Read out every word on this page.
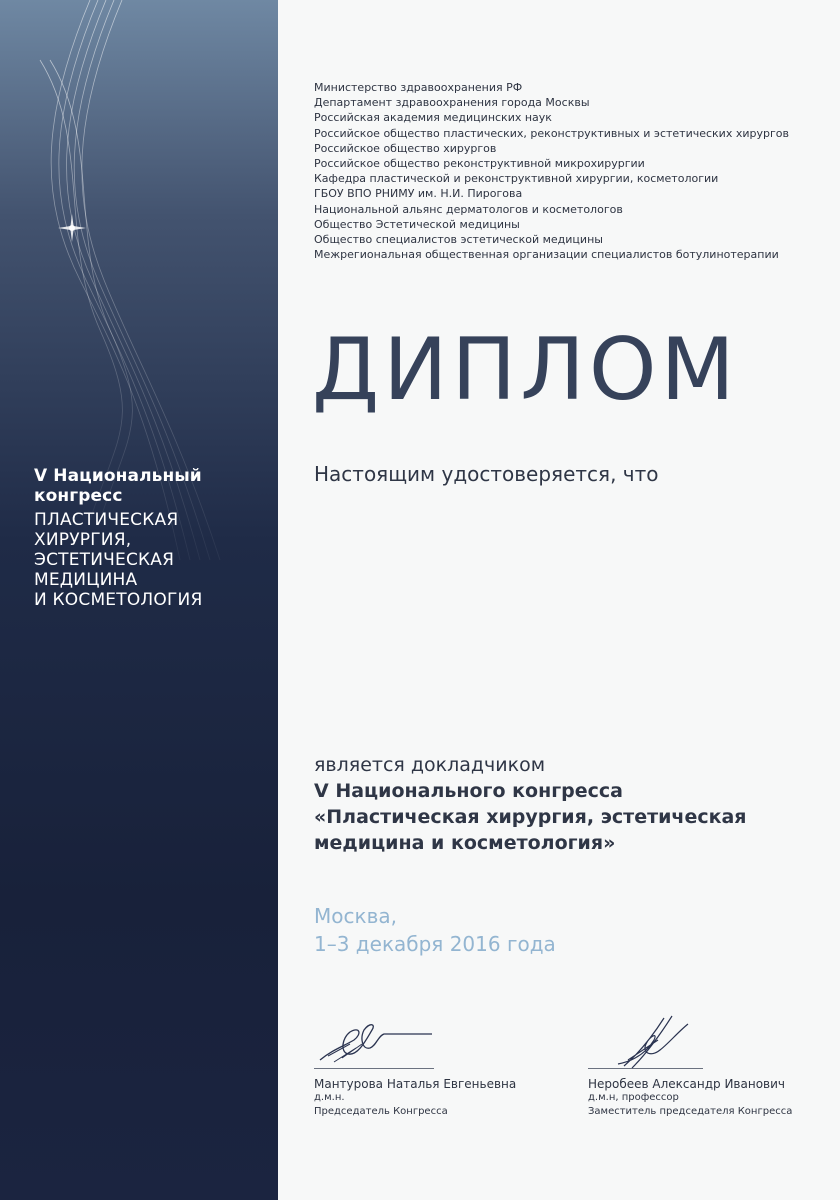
V Национальный конгресс
ПЛАСТИЧЕСКАЯ ХИРУРГИЯ,
ЭСТЕТИЧЕСКАЯ МЕДИЦИНА
И КОСМЕТОЛОГИЯ
Министерство здравоохранения РФ
Департамент здравоохранения города Москвы
Российская академия медицинских наук
Российское общество пластических, реконструктивных и эстетических хирургов
Российское общество хирургов
Российское общество реконструктивной микрохирургии
Кафедра пластической и реконструктивной хирургии, косметологии
ГБОУ ВПО РНИМУ им. Н.И. Пирогова
Национальной альянс дерматологов и косметологов
Общество Эстетической медицины
Общество специалистов эстетической медицины
Межрегиональная общественная организации специалистов ботулинотерапии
ДИПЛОМ
Настоящим удостоверяется, что
является докладчиком
V Национального конгресса
«Пластическая хирургия, эстетическая
медицина и косметология»
Москва,
1–3 декабря 2016 года
Мантурова Наталья Евгеньевна
д.м.н.
Председатель Конгресса
Неробеев Александр Иванович
д.м.н, профессор
Заместитель председателя Конгресса
